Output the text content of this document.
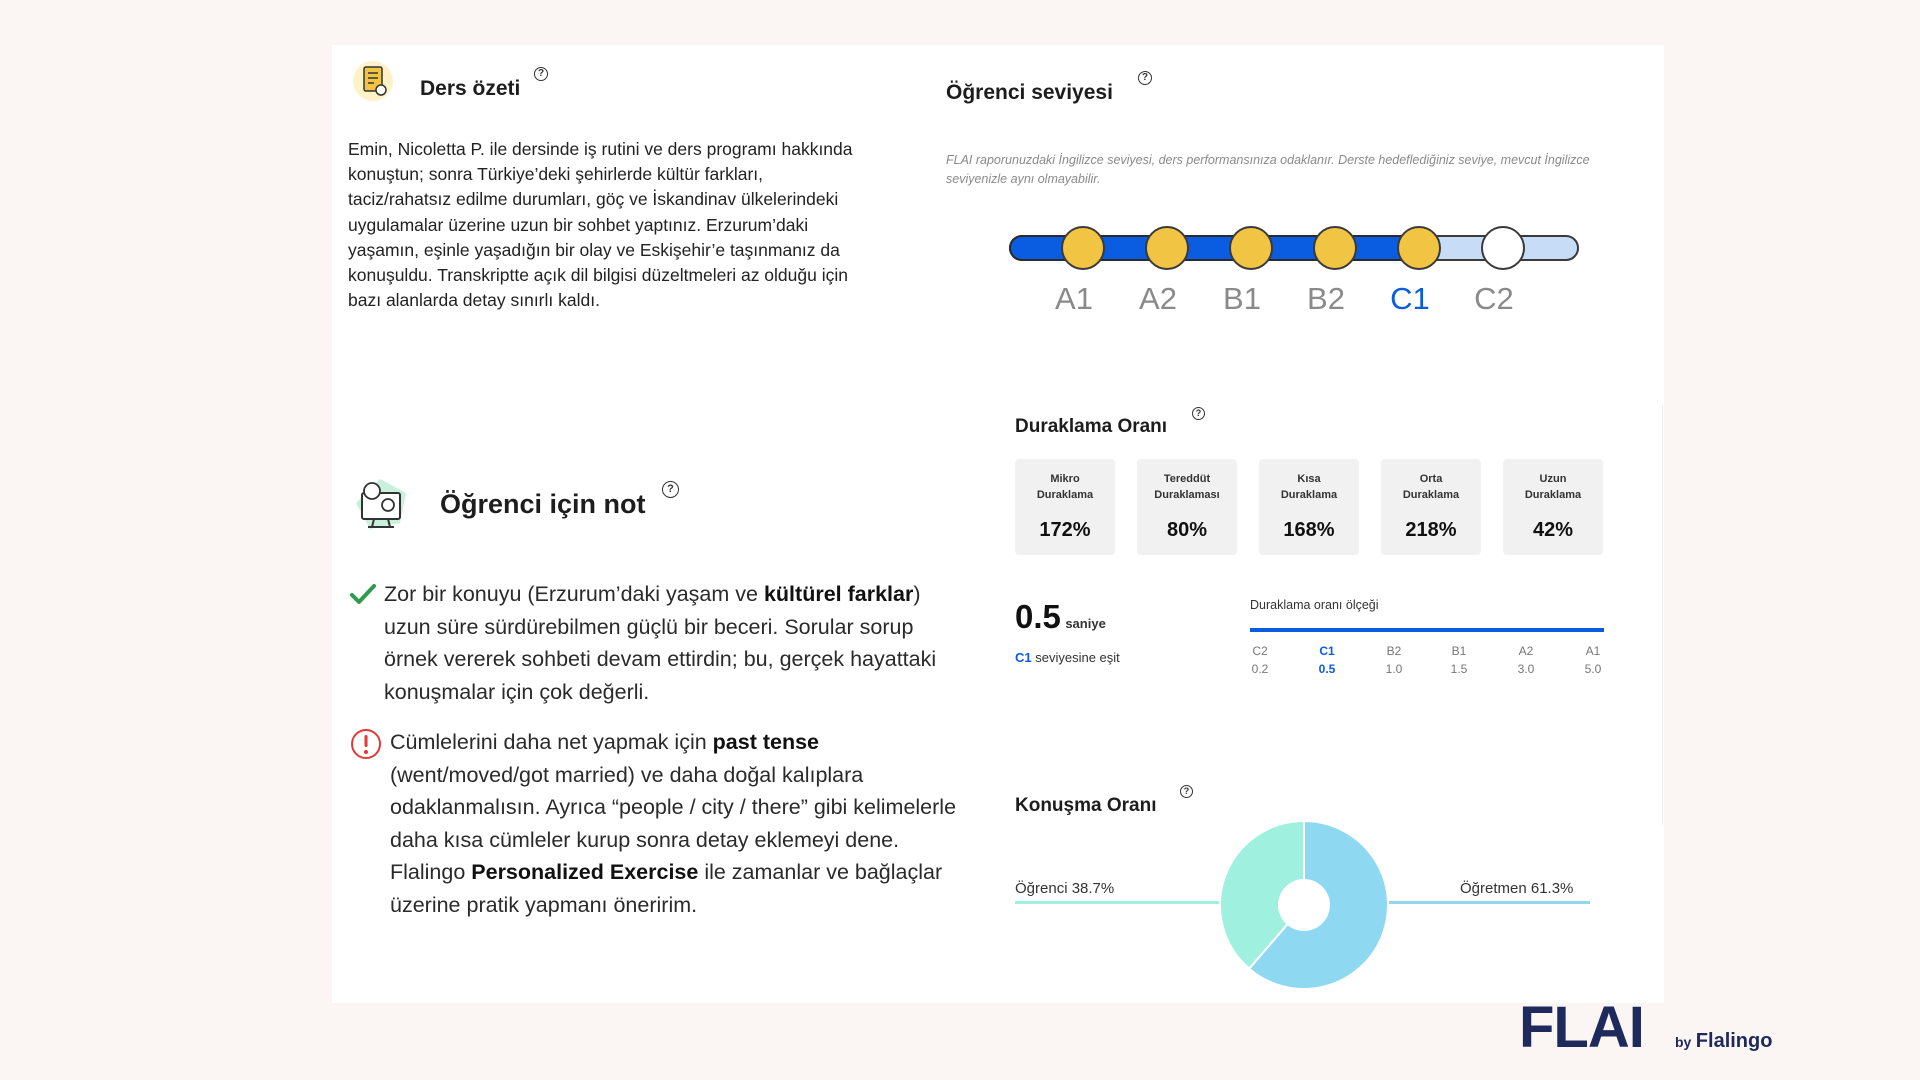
Ders özeti
?
Emin, Nicoletta P. ile dersinde iş rutini ve ders programı hakkında konuştun; sonra Türkiye’deki şehirlerde kültür farkları, taciz/rahatsız edilme durumları, göç ve İskandinav ülkelerindeki uygulamalar üzerine uzun bir sohbet yaptınız. Erzurum’daki yaşamın, eşinle yaşadığın bir olay ve Eskişehir’e taşınmanız da konuşuldu. Transkriptte açık dil bilgisi düzeltmeleri az olduğu için bazı alanlarda detay sınırlı kaldı.
Öğrenci seviyesi
?
FLAI raporunuzdaki İngilizce seviyesi, ders performansınıza odaklanır. Derste hedeflediğiniz seviye, mevcut İngilizce seviyenizle aynı olmayabilir.
A1	A2	B1	B2	C1	C2
Öğrenci için not	?

Zor bir konuyu (Erzurum’daki yaşam ve kültürel farklar) uzun süre sürdürebilmen güçlü bir beceri. Sorular sorup örnek vererek sohbeti devam ettirdin; bu, gerçek hayattaki konuşmalar için çok değerli.

Cümlelerini daha net yapmak için past tense (went/moved/got married) ve daha doğal kalıplara odaklanmalısın. Ayrıca “people / city / there” gibi kelimelerle daha kısa cümleler kurup sonra detay eklemeyi dene. Flalingo Personalized Exercise ile zamanlar ve bağlaçlar üzerine pratik yapmanı öneririm.

Duraklama Oranı
?
Mikro
Duraklama
172%
Tereddüt
Duraklaması
80%
Kısa
Duraklama
168%
Orta
Duraklama
218%
Uzun
Duraklama
42%
0.5 saniye
C1 seviyesine eşit
Duraklama oranı ölçeği
C2
0.2
C1
0.5
B2
1.0
B1
1.5
A2
3.0
A1
5.0
Konuşma Oranı
?
Öğrenci 38.7%	Öğretmen 61.3%
FLAI by Flalingo
